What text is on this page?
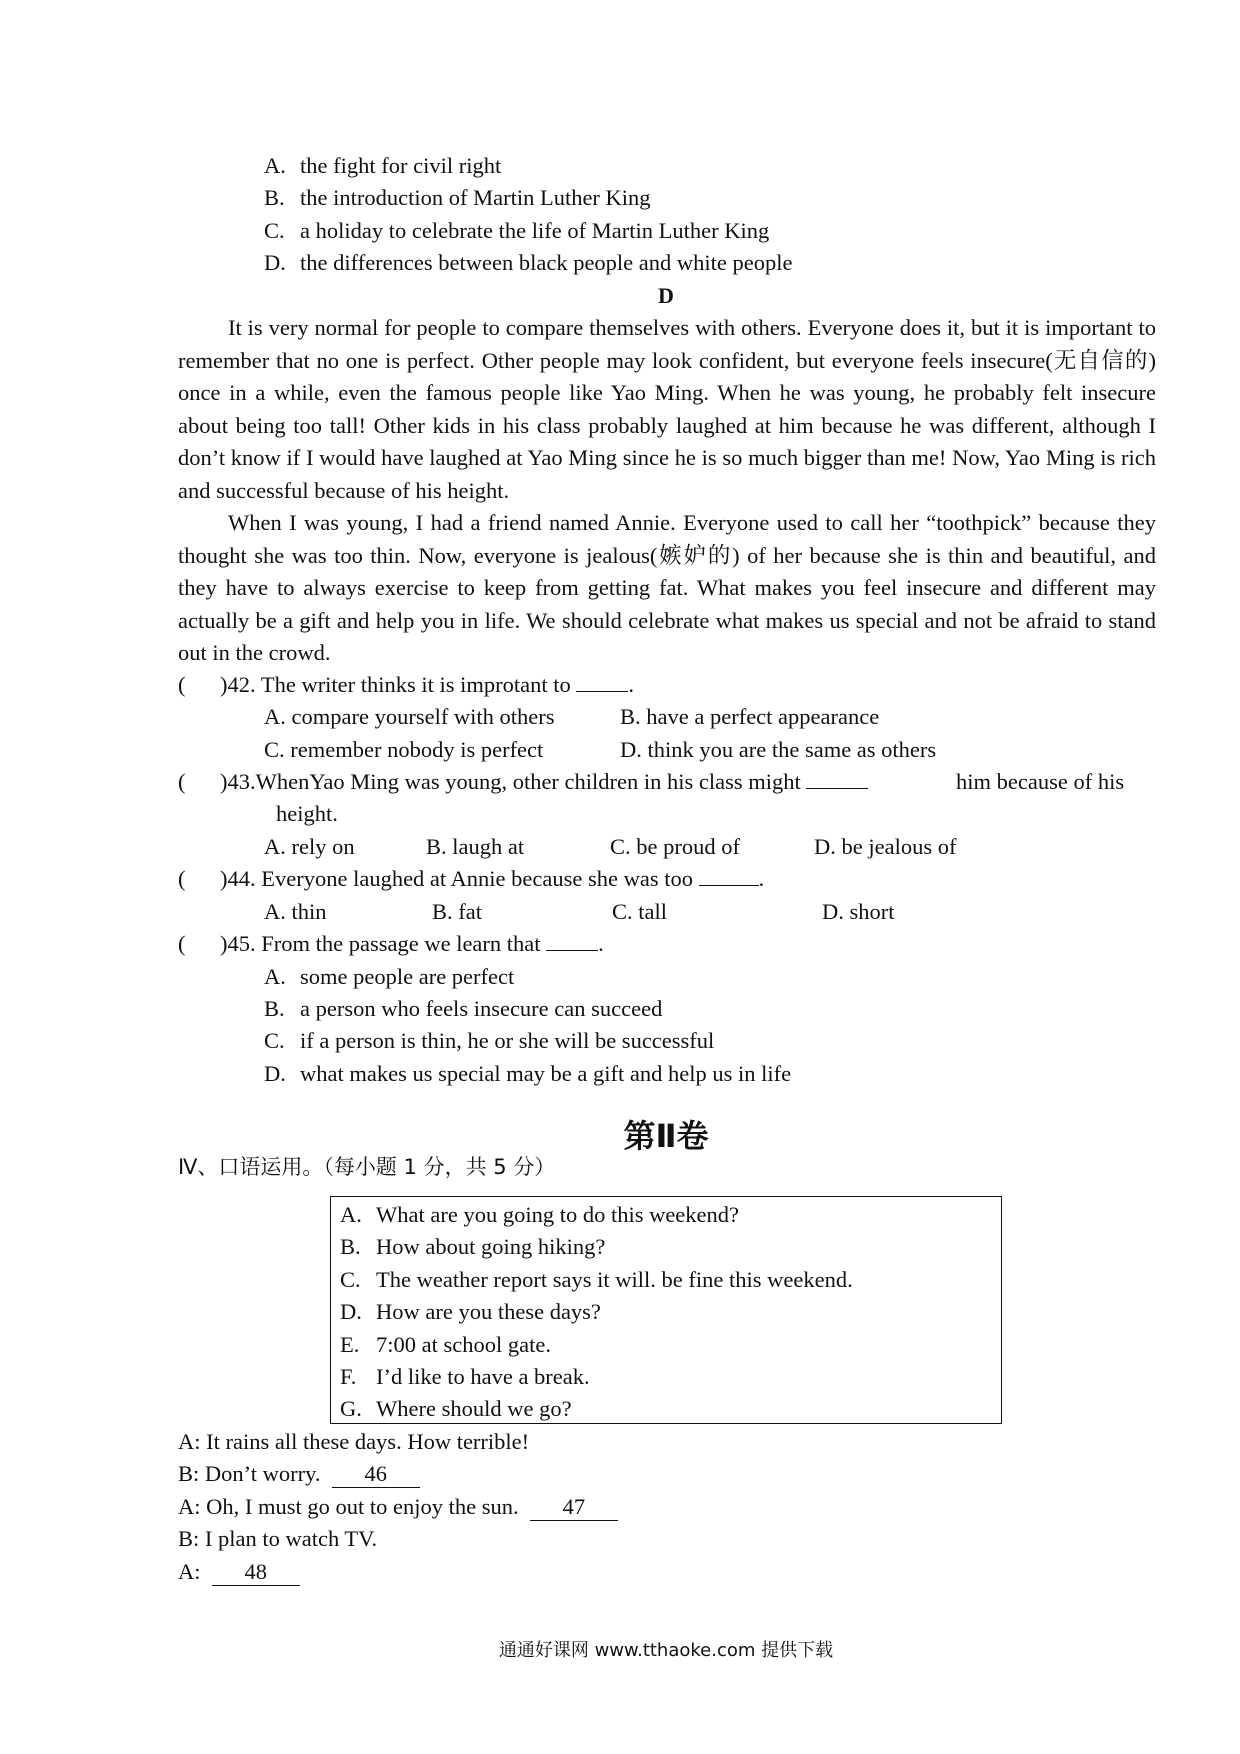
A. the fight for civil right
B. the introduction of Martin Luther King
C. a holiday to celebrate the life of Martin Luther King
D. the differences between black people and white people
D
It is very normal for people to compare themselves with others. Everyone does it, but it is important to remember that no one is perfect. Other people may look confident, but everyone feels insecure(无自信的) once in a while, even the famous people like Yao Ming. When he was young, he probably felt insecure about being too tall! Other kids in his class probably laughed at him because he was different, although I don’t know if I would have laughed at Yao Ming since he is so much bigger than me! Now, Yao Ming is rich and successful because of his height.
When I was young, I had a friend named Annie. Everyone used to call her “toothpick” because they thought she was too thin. Now, everyone is jealous(嫉妒的) of her because she is thin and beautiful, and they have to always exercise to keep from getting fat. What makes you feel insecure and different may actually be a gift and help you in life. We should celebrate what makes us special and not be afraid to stand out in the crowd.
( )42. The writer thinks it is improtant to	.
A. compare yourself with others	B. have a perfect appearance
C. remember nobody is perfect	D. think you are the same as others
( )43.WhenYao Ming was young, other children in his class might	him because of his
height.
A. rely on	B. laugh at	C. be proud of	D. be jealous of
( )44. Everyone laughed at Annie because she was too	.
A. thin	B. fat	C. tall	D. short
( )45. From the passage we learn that	.
A. some people are perfect
B. a person who feels insecure can succeed
C. if a person is thin, he or she will be successful
D. what makes us special may be a gift and help us in life
第Ⅱ卷
Ⅳ、口语运用。（每小题 1 分，共 5 分）
A. What are you going to do this weekend?
B. How about going hiking?
C. The weather report says it will. be fine this weekend.
D. How are you these days?
E. 7:00 at school gate.
F. I’d like to have a break.
G. Where should we go?
A: It rains all these days. How terrible!
B: Don’t worry. 46
A: Oh, I must go out to enjoy the sun. 47
B: I plan to watch TV.
A: 48
通通好课网 www.tthaoke.com 提供下载
